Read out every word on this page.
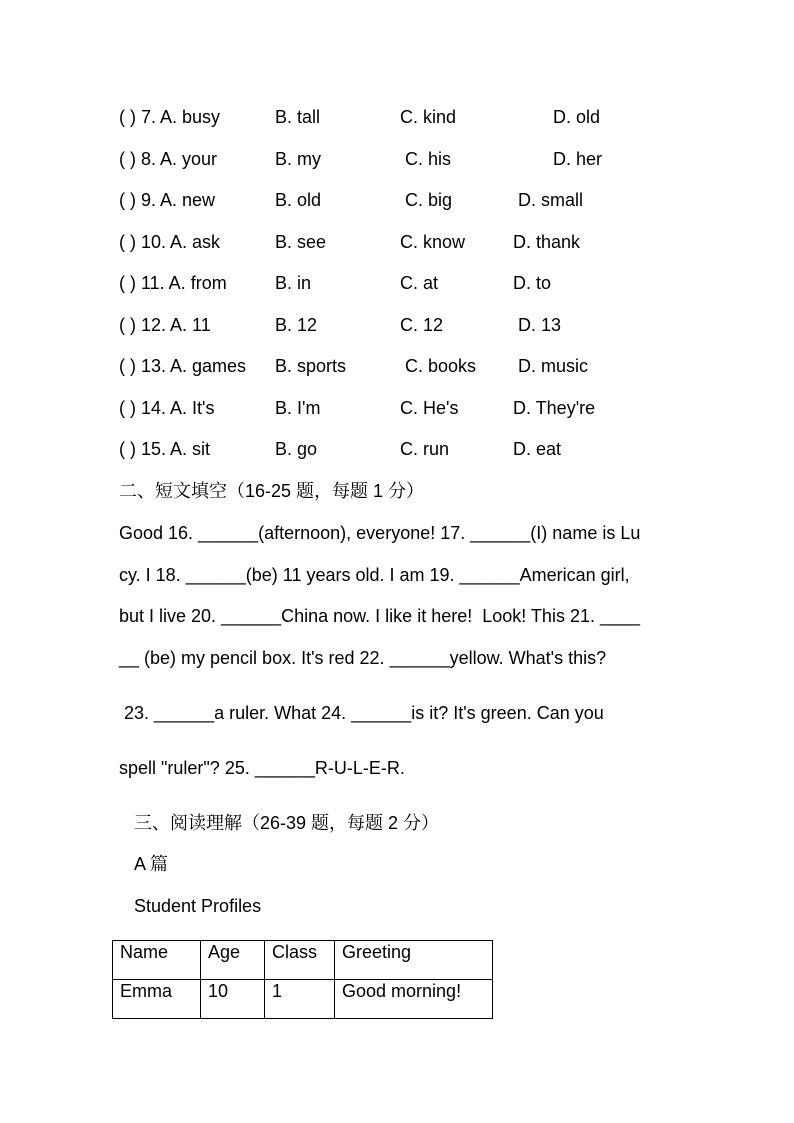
( ) 7. A. busy	B. tall	C. kind	D. old
( ) 8. A. your	B. my	C. his	D. her
( ) 9. A. new	B. old	C. big	D. small
( ) 10. A. ask	B. see	C. know	D. thank
( ) 11. A. from	B. in	C. at	D. to
( ) 12. A. 11	B. 12	C. 12	D. 13
( ) 13. A. games B. sports	C. books D. music
( ) 14. A. It's	B. I'm	C. He's	D. They're
( ) 15. A. sit	B. go	C. run	D. eat
二、短文填空（16-25 题，每题 1 分）
Good 16. ______(afternoon), everyone! 17. ______(I) name is Lu
cy. I 18. ______(be) 11 years old. I am 19. ______American girl,
but I live 20. ______China now. I like it here!  Look! This 21. ____
__ (be) my pencil box. It's red 22. ______yellow. What's this?
23. ______a ruler. What 24. ______is it? It's green. Can you
spell "ruler"? 25. ______R-U-L-E-R.
三、阅读理解（26-39 题，每题 2 分）
A 篇
Student Profiles
Name	Age	Class	Greeting
Emma	10	1	Good morning!
